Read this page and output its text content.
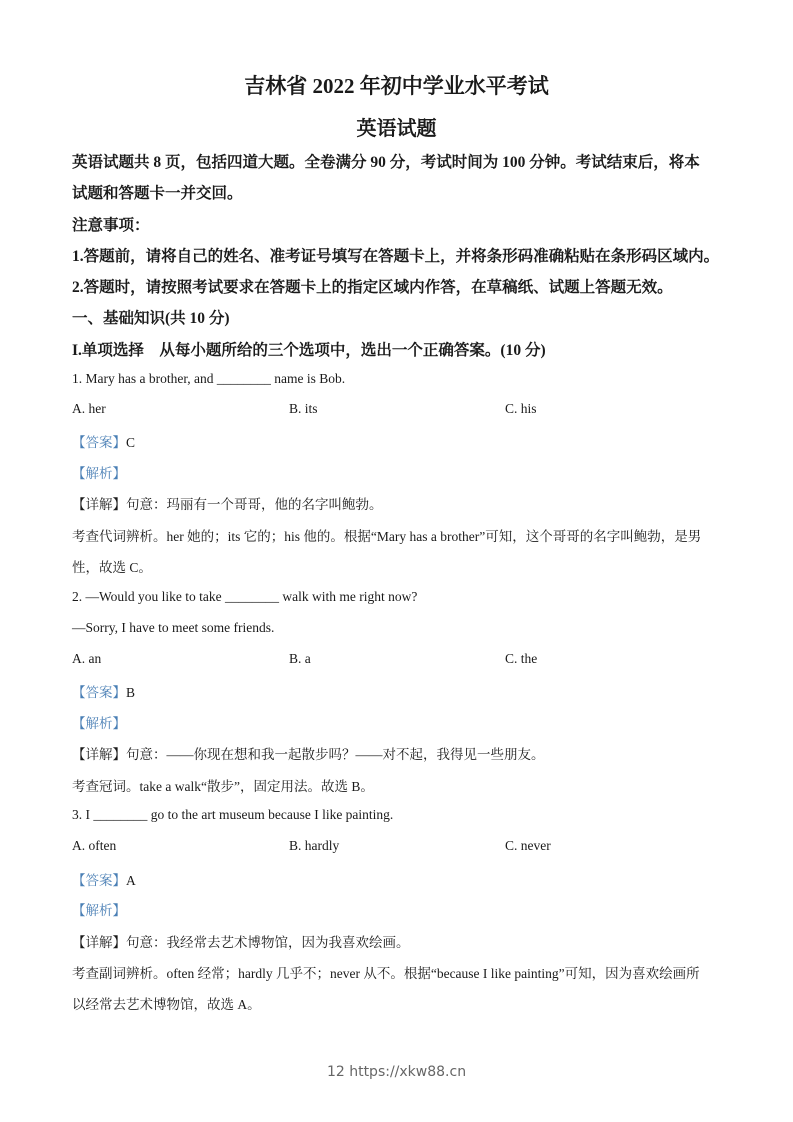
吉林省 2022 年初中学业水平考试
英语试题
英语试题共 8 页，包括四道大题。全卷满分 90 分，考试时间为 100 分钟。考试结束后，将本
试题和答题卡一并交回。
注意事项：
1.答题前，请将自己的姓名、准考证号填写在答题卡上，并将条形码准确粘贴在条形码区域内。
2.答题时，请按照考试要求在答题卡上的指定区域内作答，在草稿纸、试题上答题无效。
一、基础知识(共 10 分)
I.单项选择　从每小题所给的三个选项中，选出一个正确答案。(10 分)
1. Mary has a brother, and ________ name is Bob.
A. her	B. its	C. his
【答案】C
【解析】
【详解】句意：玛丽有一个哥哥，他的名字叫鲍勃。
考查代词辨析。her 她的；its 它的；his 他的。根据“Mary has a brother”可知，这个哥哥的名字叫鲍勃，是男
性，故选 C。
2. —Would you like to take ________ walk with me right now?
—Sorry, I have to meet some friends.
A. an	B. a	C. the
【答案】B
【解析】
【详解】句意：——你现在想和我一起散步吗？——对不起，我得见一些朋友。
考查冠词。take a walk“散步”，固定用法。故选 B。
3. I ________ go to the art museum because I like painting.
A. often	B. hardly	C. never
【答案】A
【解析】
【详解】句意：我经常去艺术博物馆，因为我喜欢绘画。
考查副词辨析。often 经常；hardly 几乎不；never 从不。根据“because I like painting”可知，因为喜欢绘画所
以经常去艺术博物馆，故选 A。
12 https://xkw88.cn
